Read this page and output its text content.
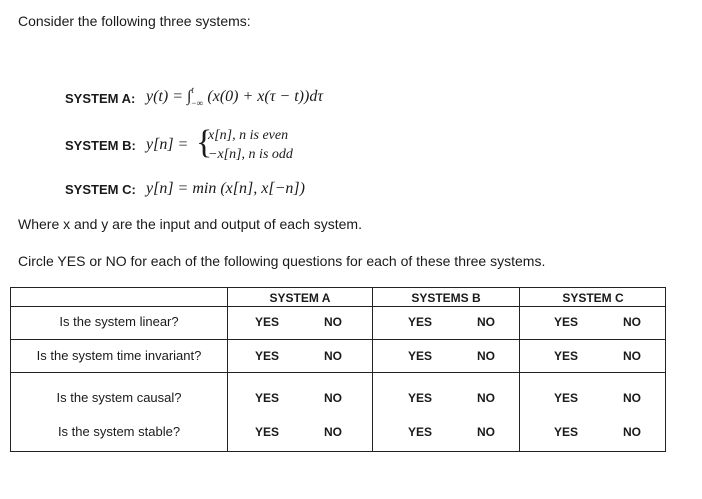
Consider the following three systems:
SYSTEM A: y(t) = ∫ t
−∞ (x(0) + x(τ − t))dτ
SYSTEM B: y[n] = {
x[n], n is even
−x[n], n is odd
SYSTEM C: y[n] = min (x[n], x[−n])
Where x and y are the input and output of each system.
Circle YES or NO for each of the following questions for each of these three systems.
SYSTEM A	SYSTEMS B	SYSTEM C
Is the system linear?	YES	NO	YES	NO	YES	NO
Is the system time invariant?	YES	NO	YES	NO	YES	NO
Is the system causal?	YES	NO	YES	NO	YES	NO
Is the system stable?	YES	NO	YES	NO	YES	NO
